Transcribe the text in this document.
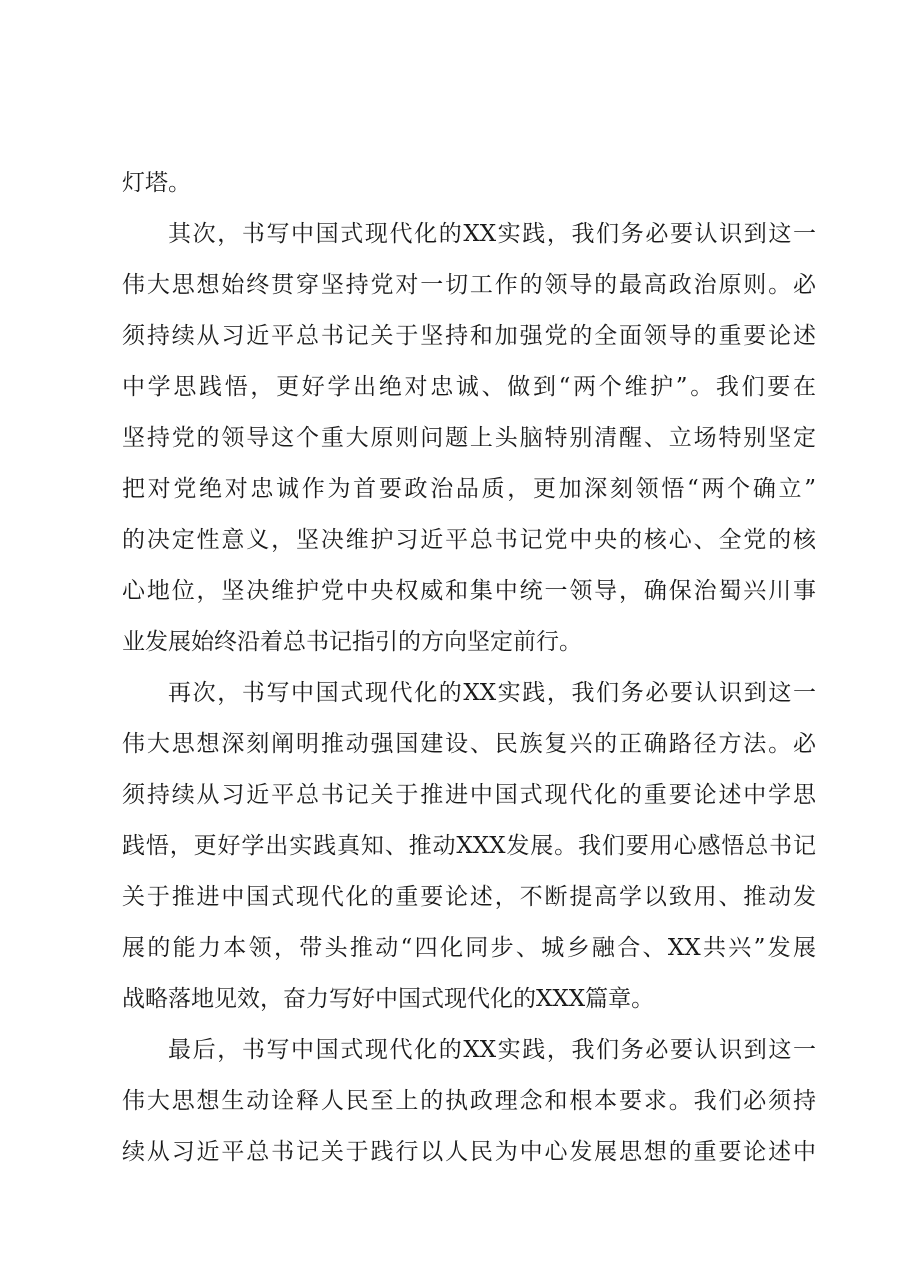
灯塔。
其次，书写中国式现代化的XX实践，我们务必要认识到这一
伟大思想始终贯穿坚持党对一切工作的领导的最高政治原则。必
须持续从习近平总书记关于坚持和加强党的全面领导的重要论述
中学思践悟，更好学出绝对忠诚、做到“两个维护”。我们要在
坚持党的领导这个重大原则问题上头脑特别清醒、立场特别坚定
把对党绝对忠诚作为首要政治品质，更加深刻领悟“两个确立”
的决定性意义，坚决维护习近平总书记党中央的核心、全党的核
心地位，坚决维护党中央权威和集中统一领导，确保治蜀兴川事
业发展始终沿着总书记指引的方向坚定前行。
再次，书写中国式现代化的XX实践，我们务必要认识到这一
伟大思想深刻阐明推动强国建设、民族复兴的正确路径方法。必
须持续从习近平总书记关于推进中国式现代化的重要论述中学思
践悟，更好学出实践真知、推动XXX发展。我们要用心感悟总书记
关于推进中国式现代化的重要论述，不断提高学以致用、推动发
展的能力本领，带头推动“四化同步、城乡融合、XX共兴”发展
战略落地见效，奋力写好中国式现代化的XXX篇章。
最后，书写中国式现代化的XX实践，我们务必要认识到这一
伟大思想生动诠释人民至上的执政理念和根本要求。我们必须持
续从习近平总书记关于践行以人民为中心发展思想的重要论述中
